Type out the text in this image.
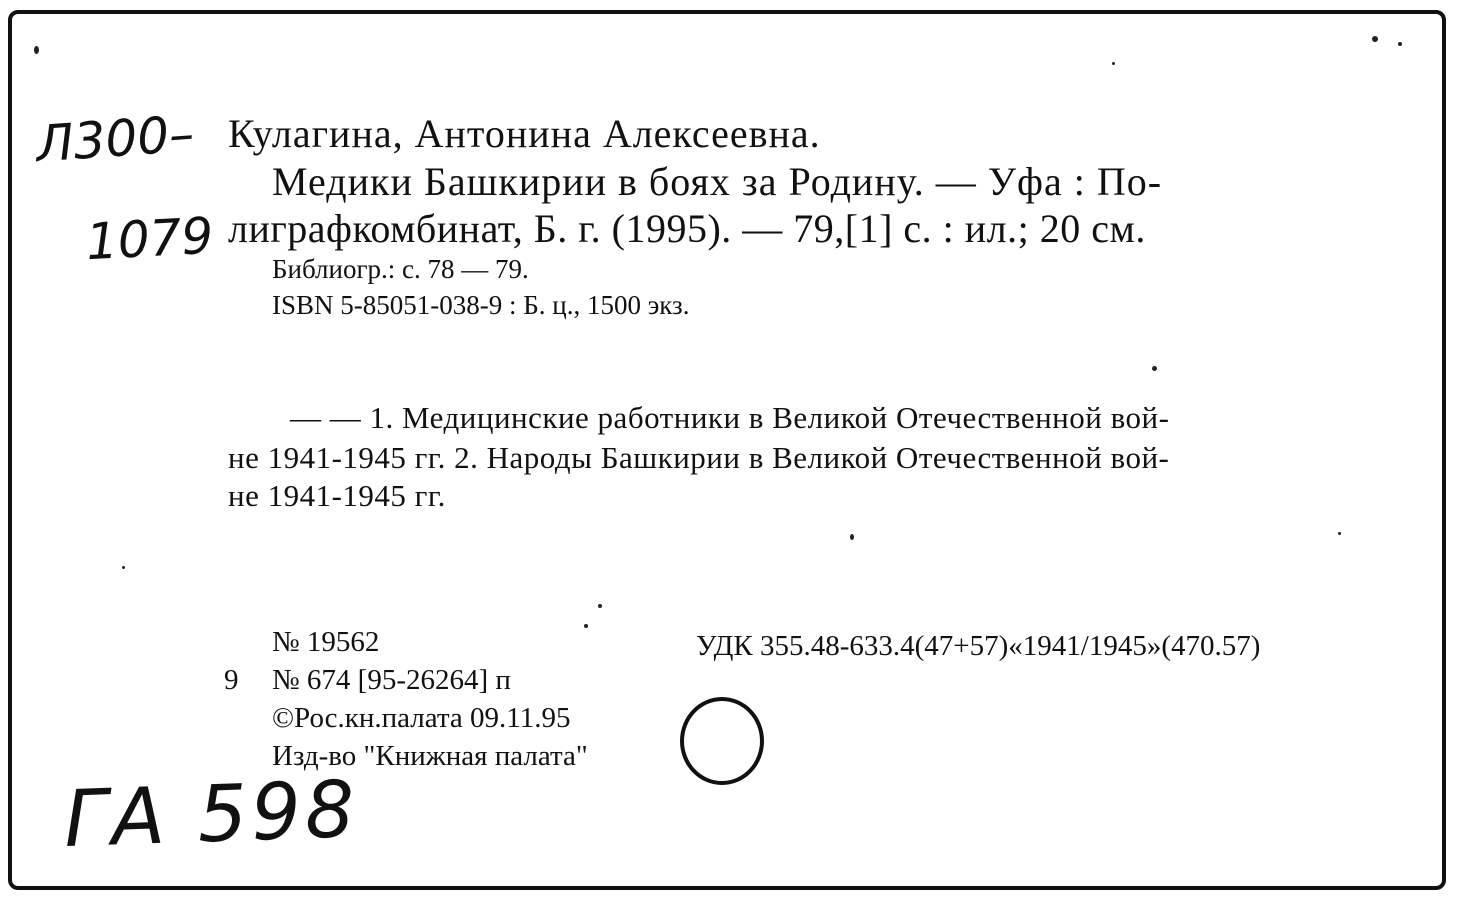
Л300–
1079
ГА 598
Кулагина, Антонина Алексеевна.
Медики Башкирии в боях за Родину. — Уфа : По-
лиграфкомбинат, Б. г. (1995). — 79,[1] с. : ил.; 20 см.
Библиогр.: с. 78 — 79.
ISBN 5-85051-038-9 : Б. ц., 1500 экз.
— — 1. Медицинские работники в Великой Отечественной вой-
не 1941-1945 гг. 2. Народы Башкирии в Великой Отечественной вой-
не 1941-1945 гг.
№ 19562	УДК 355.48-633.4(47+57)«1941/1945»(470.57)
9 № 674 [95-26264] п
©Рос.кн.палата 09.11.95
Изд-во "Книжная палата"
